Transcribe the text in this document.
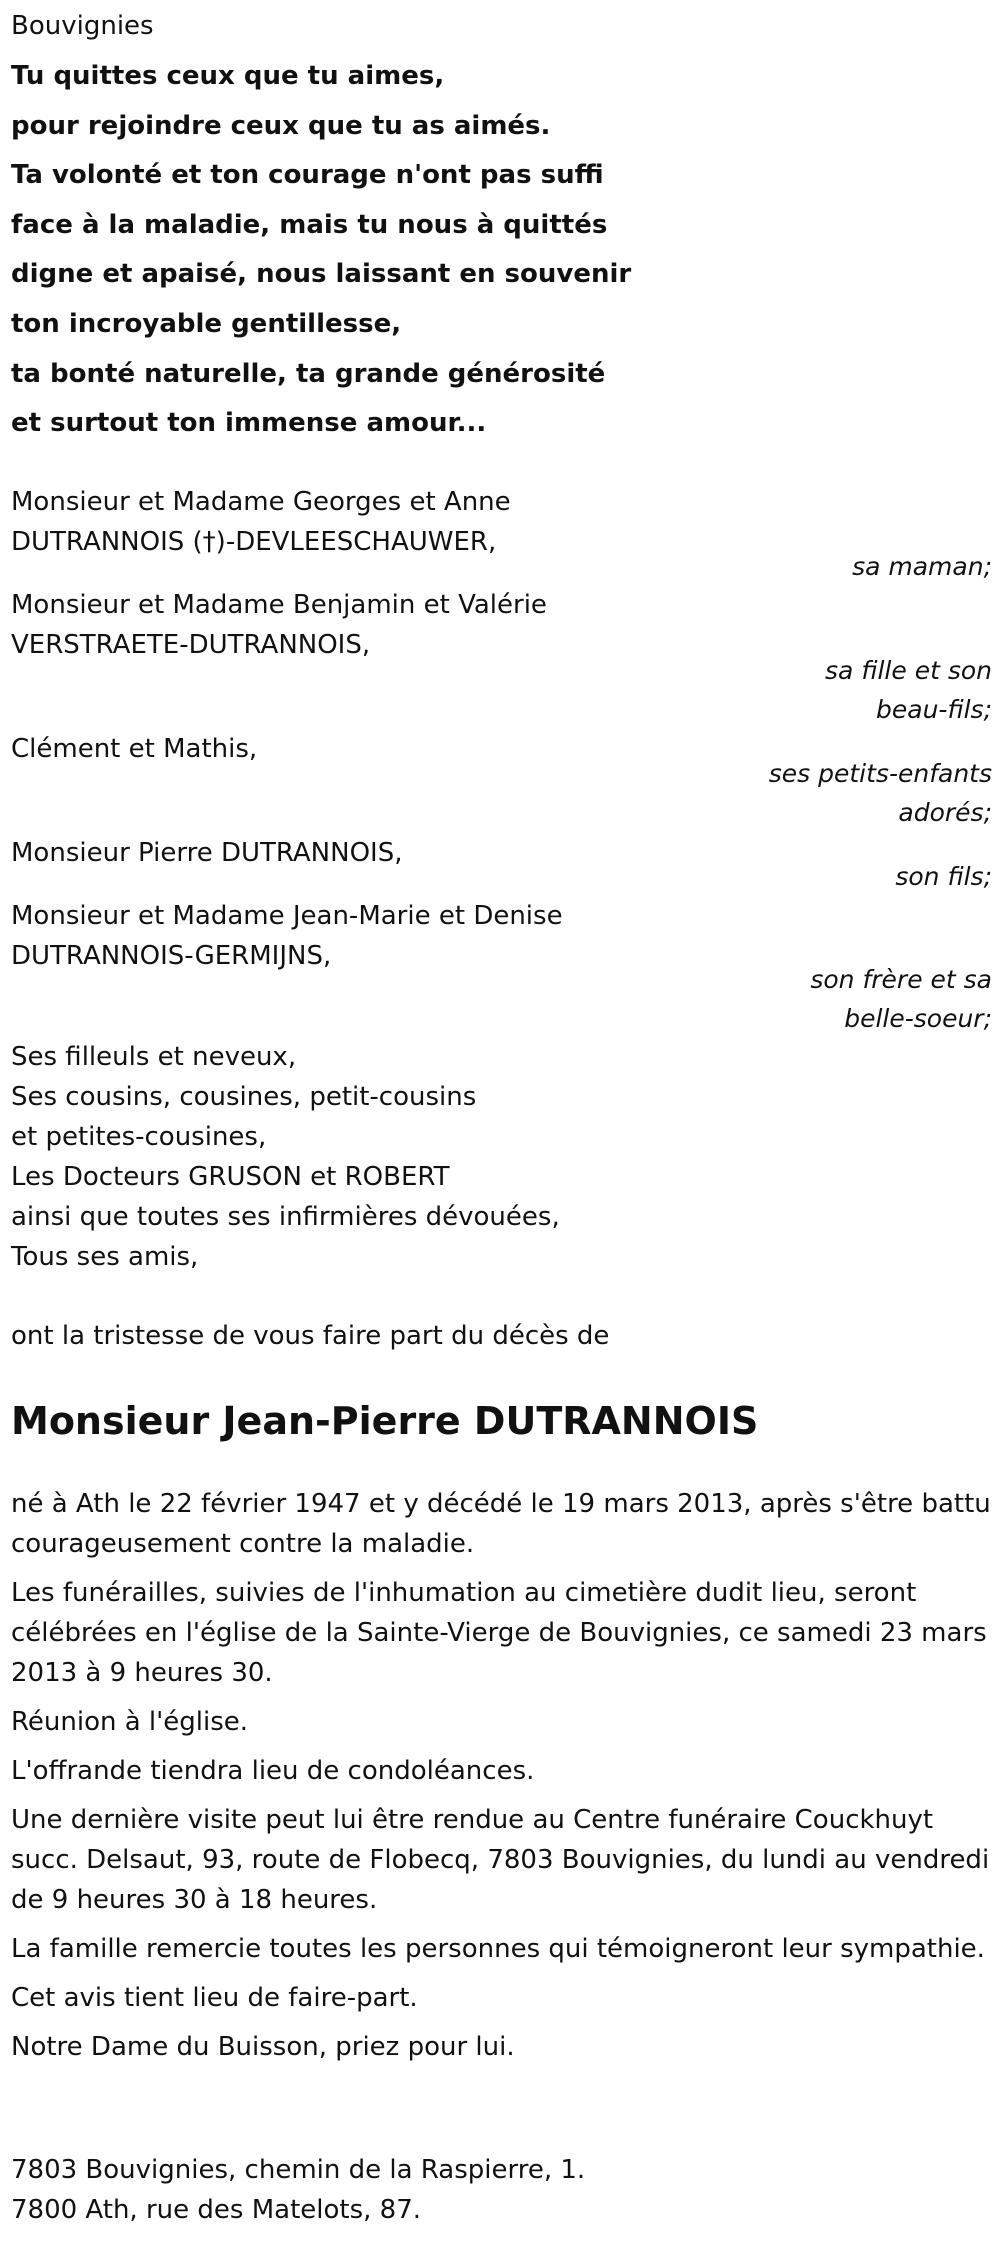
Bouvignies
Tu quittes ceux que tu aimes,
pour rejoindre ceux que tu as aimés.
Ta volonté et ton courage n'ont pas suffi
face à la maladie, mais tu nous à quittés
digne et apaisé, nous laissant en souvenir
ton incroyable gentillesse,
ta bonté naturelle, ta grande générosité
et surtout ton immense amour...
Monsieur et Madame Georges et Anne
DUTRANNOIS (†)-DEVLEESCHAUWER,
sa maman;
Monsieur et Madame Benjamin et Valérie
VERSTRAETE-DUTRANNOIS,
sa fille et son
beau-fils;
Clément et Mathis,
ses petits-enfants
adorés;
Monsieur Pierre DUTRANNOIS,
son fils;
Monsieur et Madame Jean-Marie et Denise
DUTRANNOIS-GERMIJNS,
son frère et sa
belle-soeur;
Ses filleuls et neveux,
Ses cousins, cousines, petit-cousins
et petites-cousines,
Les Docteurs GRUSON et ROBERT
ainsi que toutes ses infirmières dévouées,
Tous ses amis,
ont la tristesse de vous faire part du décès de
Monsieur Jean-Pierre DUTRANNOIS

né à Ath le 22 février 1947 et y décédé le 19 mars 2013, après s'être battu courageusement contre la maladie.

Les funérailles, suivies de l'inhumation au cimetière dudit lieu, seront célébrées en l'église de la Sainte-Vierge de Bouvignies, ce samedi 23 mars 2013 à 9 heures 30.

Réunion à l'église.

L'offrande tiendra lieu de condoléances.

Une dernière visite peut lui être rendue au Centre funéraire Couckhuyt succ. Delsaut, 93, route de Flobecq, 7803 Bouvignies, du lundi au vendredi de 9 heures 30 à 18 heures.

La famille remercie toutes les personnes qui témoigneront leur sympathie.

Cet avis tient lieu de faire-part.

Notre Dame du Buisson, priez pour lui.

7803 Bouvignies, chemin de la Raspierre, 1.
7800 Ath, rue des Matelots, 87.
